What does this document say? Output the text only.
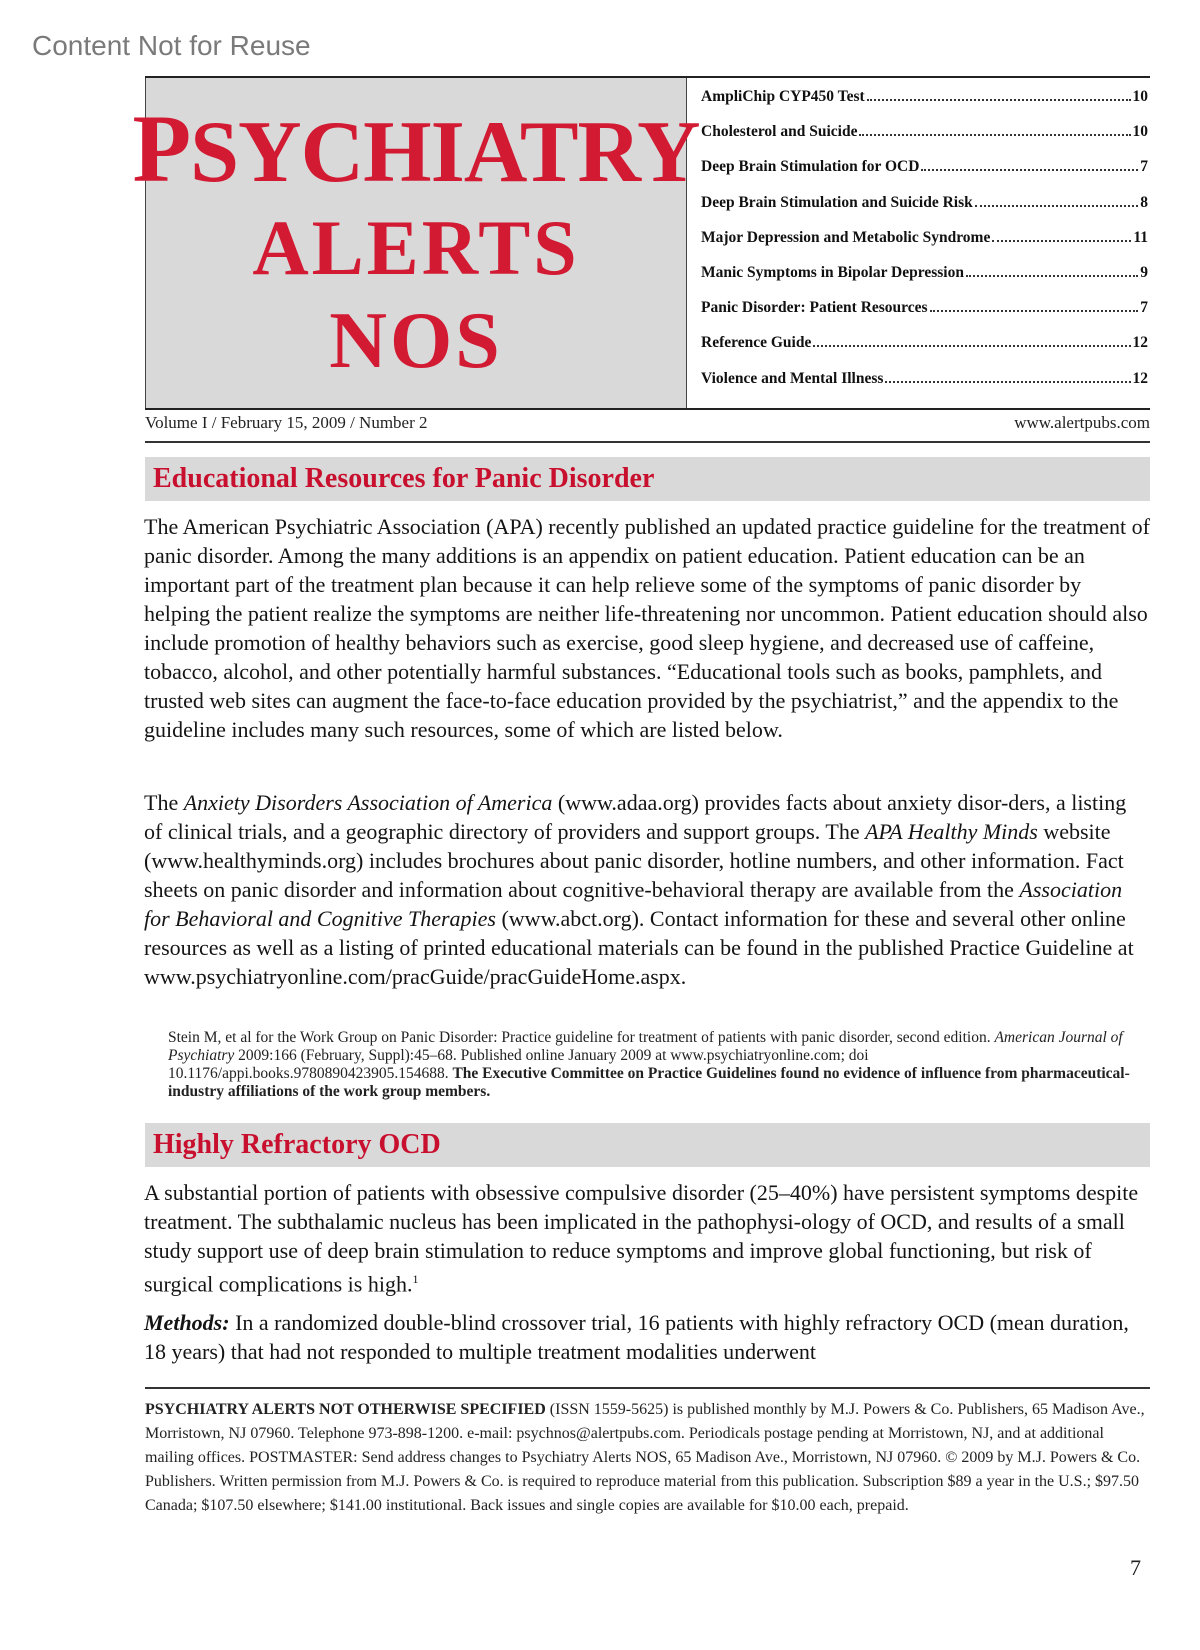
Content Not for Reuse
PSYCHIATRY
ALERTS
NOS
AmpliChip CYP450 Test	10
Cholesterol and Suicide	10
Deep Brain Stimulation for OCD	7
Deep Brain Stimulation and Suicide Risk	8
Major Depression and Metabolic Syndrome	11
Manic Symptoms in Bipolar Depression	9
Panic Disorder: Patient Resources	7
Reference Guide	12
Violence and Mental Illness	12
Volume I / February 15, 2009 / Number 2	www.alertpubs.com
Educational Resources for Panic Disorder
The American Psychiatric Association (APA) recently published an updated practice guideline for the treatment of panic disorder. Among the many additions is an appendix on patient education. Patient education can be an important part of the treatment plan because it can help relieve some of the symptoms of panic disorder by helping the patient realize the symptoms are neither life-threatening nor uncommon. Patient education should also include promotion of healthy behaviors such as exercise, good sleep hygiene, and decreased use of caffeine, tobacco, alcohol, and other potentially harmful substances. “Educational tools such as books, pamphlets, and trusted web sites can augment the face-to-face education provided by the psychiatrist,” and the appendix to the guideline includes many such resources, some of which are listed below.
The Anxiety Disorders Association of America (www.adaa.org) provides facts about anxiety disor-ders, a listing of clinical trials, and a geographic directory of providers and support groups. The APA Healthy Minds website (www.healthyminds.org) includes brochures about panic disorder, hotline numbers, and other information. Fact sheets on panic disorder and information about cognitive-behavioral therapy are available from the Association for Behavioral and Cognitive Therapies (www.abct.org). Contact information for these and several other online resources as well as a listing of printed educational materials can be found in the published Practice Guideline at www.psychiatryonline.com/pracGuide/pracGuideHome.aspx.
Stein M, et al for the Work Group on Panic Disorder: Practice guideline for treatment of patients with panic disorder, second edition. American Journal of Psychiatry 2009:166 (February, Suppl):45–68. Published online January 2009 at www.psychiatryonline.com; doi 10.1176/appi.books.9780890423905.154688. The Executive Committee on Practice Guidelines found no evidence of influence from pharmaceutical-industry affiliations of the work group members.
Highly Refractory OCD
A substantial portion of patients with obsessive compulsive disorder (25–40%) have persistent symptoms despite treatment. The subthalamic nucleus has been implicated in the pathophysi-ology of OCD, and results of a small study support use of deep brain stimulation to reduce symptoms and improve global functioning, but risk of surgical complications is high.$^1$
Methods: In a randomized double-blind crossover trial, 16 patients with highly refractory OCD (mean duration, 18 years) that had not responded to multiple treatment modalities underwent
PSYCHIATRY ALERTS NOT OTHERWISE SPECIFIED (ISSN 1559-5625) is published monthly by M.J. Powers & Co. Publishers, 65 Madison Ave., Morristown, NJ 07960. Telephone 973-898-1200. e-mail: psychnos@alertpubs.com. Periodicals postage pending at Morristown, NJ, and at additional mailing offices. POSTMASTER: Send address changes to Psychiatry Alerts NOS, 65 Madison Ave., Morristown, NJ 07960. © 2009 by M.J. Powers & Co. Publishers. Written permission from M.J. Powers & Co. is required to reproduce material from this publication. Subscription $89 a year in the U.S.; $97.50 Canada; $107.50 elsewhere; $141.00 institutional. Back issues and single copies are available for $10.00 each, prepaid.
7
